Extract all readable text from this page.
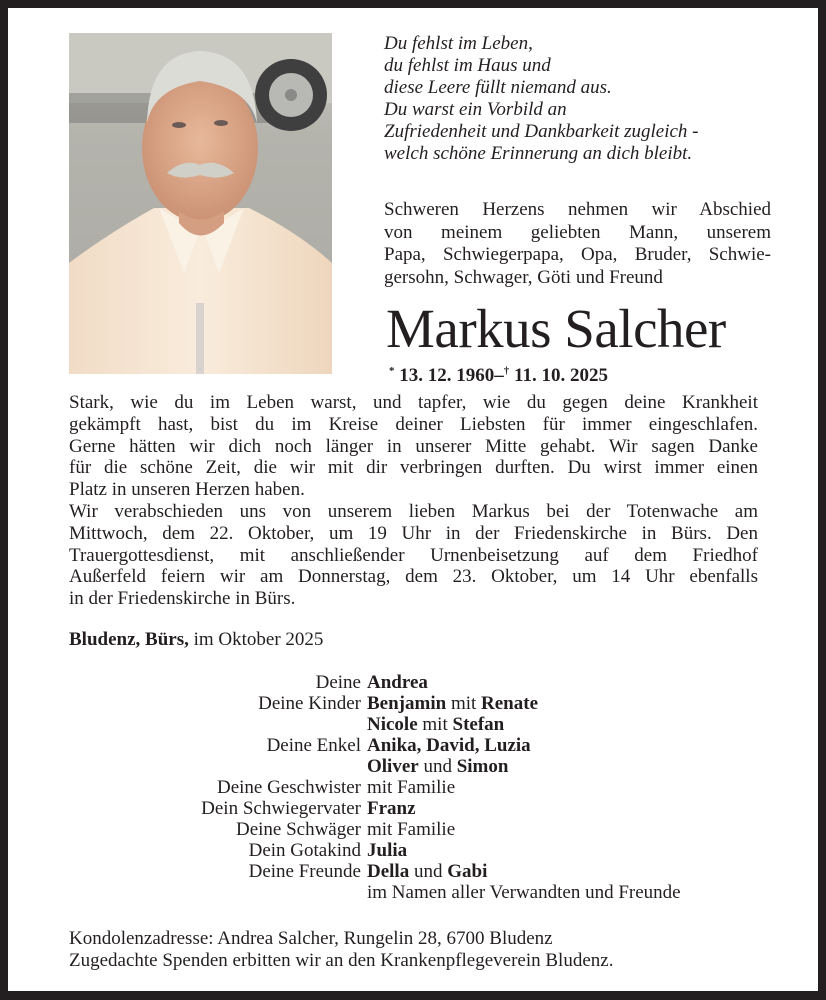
Du fehlst im Leben,
du fehlst im Haus und
diese Leere füllt niemand aus.
Du warst ein Vorbild an
Zufriedenheit und Dankbarkeit zugleich -
welch schöne Erinnerung an dich bleibt.
Schweren Herzens nehmen wir Abschied
von meinem geliebten Mann, unserem
Papa, Schwiegerpapa, Opa, Bruder, Schwie-
gersohn, Schwager, Göti und Freund
Markus Salcher
* 13. 12. 1960–† 11. 10. 2025
Stark, wie du im Leben warst, und tapfer, wie du gegen deine Krankheit
gekämpft hast, bist du im Kreise deiner Liebsten für immer eingeschlafen.
Gerne hätten wir dich noch länger in unserer Mitte gehabt. Wir sagen Danke
für die schöne Zeit, die wir mit dir verbringen durften. Du wirst immer einen
Platz in unseren Herzen haben.
Wir verabschieden uns von unserem lieben Markus bei der Totenwache am
Mittwoch, dem 22. Oktober, um 19 Uhr in der Friedenskirche in Bürs. Den
Trauergottesdienst, mit anschließender Urnenbeisetzung auf dem Friedhof
Außerfeld feiern wir am Donnerstag, dem 23. Oktober, um 14 Uhr ebenfalls
in der Friedenskirche in Bürs.
Bludenz, Bürs, im Oktober 2025
Deine Andrea
Deine Kinder Benjamin mit Renate
Nicole mit Stefan
Deine Enkel Anika, David, Luzia
Oliver und Simon
Deine Geschwister mit Familie
Dein Schwiegervater Franz
Deine Schwäger mit Familie
Dein Gotakind Julia
Deine Freunde Della und Gabi
im Namen aller Verwandten und Freunde
Kondolenzadresse: Andrea Salcher, Rungelin 28, 6700 Bludenz
Zugedachte Spenden erbitten wir an den Krankenpflegeverein Bludenz.
